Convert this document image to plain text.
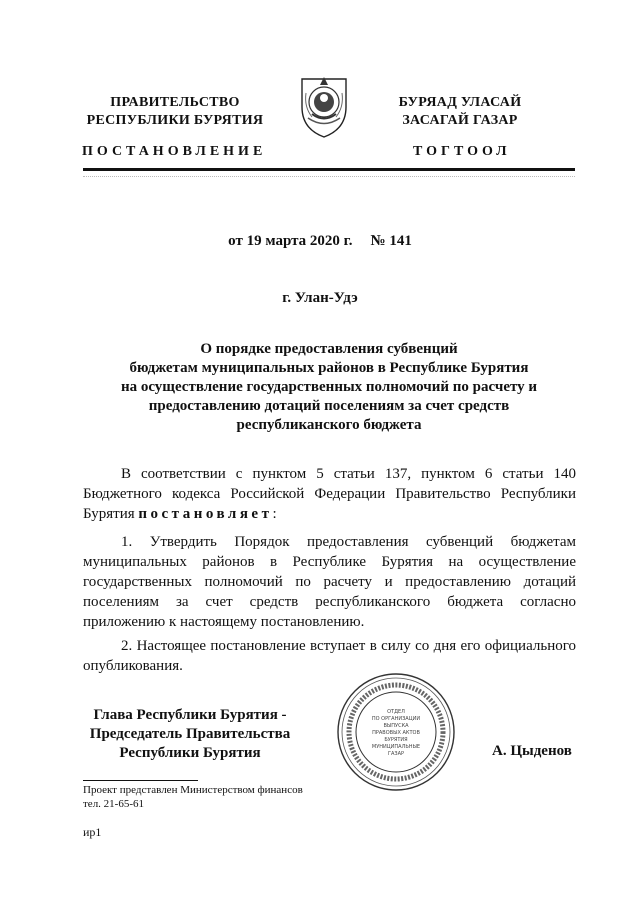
ПРАВИТЕЛЬСТВО
РЕСПУБЛИКИ БУРЯТИЯ
БУРЯАД УЛАСАЙ
ЗАСАГАЙ ГАЗАР
ПОСТАНОВЛЕНИЕ	ТОГТООЛ
от 19 марта 2020 г. № 141
г. Улан-Удэ
О порядке предоставления субвенций
бюджетам муниципальных районов в Республике Бурятия
на осуществление государственных полномочий по расчету и
предоставлению дотаций поселениям за счет средств
республиканского бюджета
В соответствии с пунктом 5 статьи 137, пунктом 6 статьи 140 Бюджетного кодекса Российской Федерации Правительство Республики Бурятия постановляет:
1. Утвердить Порядок предоставления субвенций бюджетам муниципальных районов в Республике Бурятия на осуществление государственных полномочий по расчету и предоставлению дотаций поселениям за счет средств республиканского бюджета согласно приложению к настоящему постановлению.
2. Настоящее постановление вступает в силу со дня его официального опубликования.
Глава Республики Бурятия -
Председатель Правительства
Республики Бурятия
ОТДЕЛ
ПО ОРГАНИЗАЦИИ
ВЫПУСКА
ПРАВОВЫХ АКТОВ
БУРЯТИЯ
МУНИЦИПАЛЬНЫЕ
ГАЗАР	А. Цыденов
Проект представлен Министерством финансов
тел. 21-65-61
ир1
